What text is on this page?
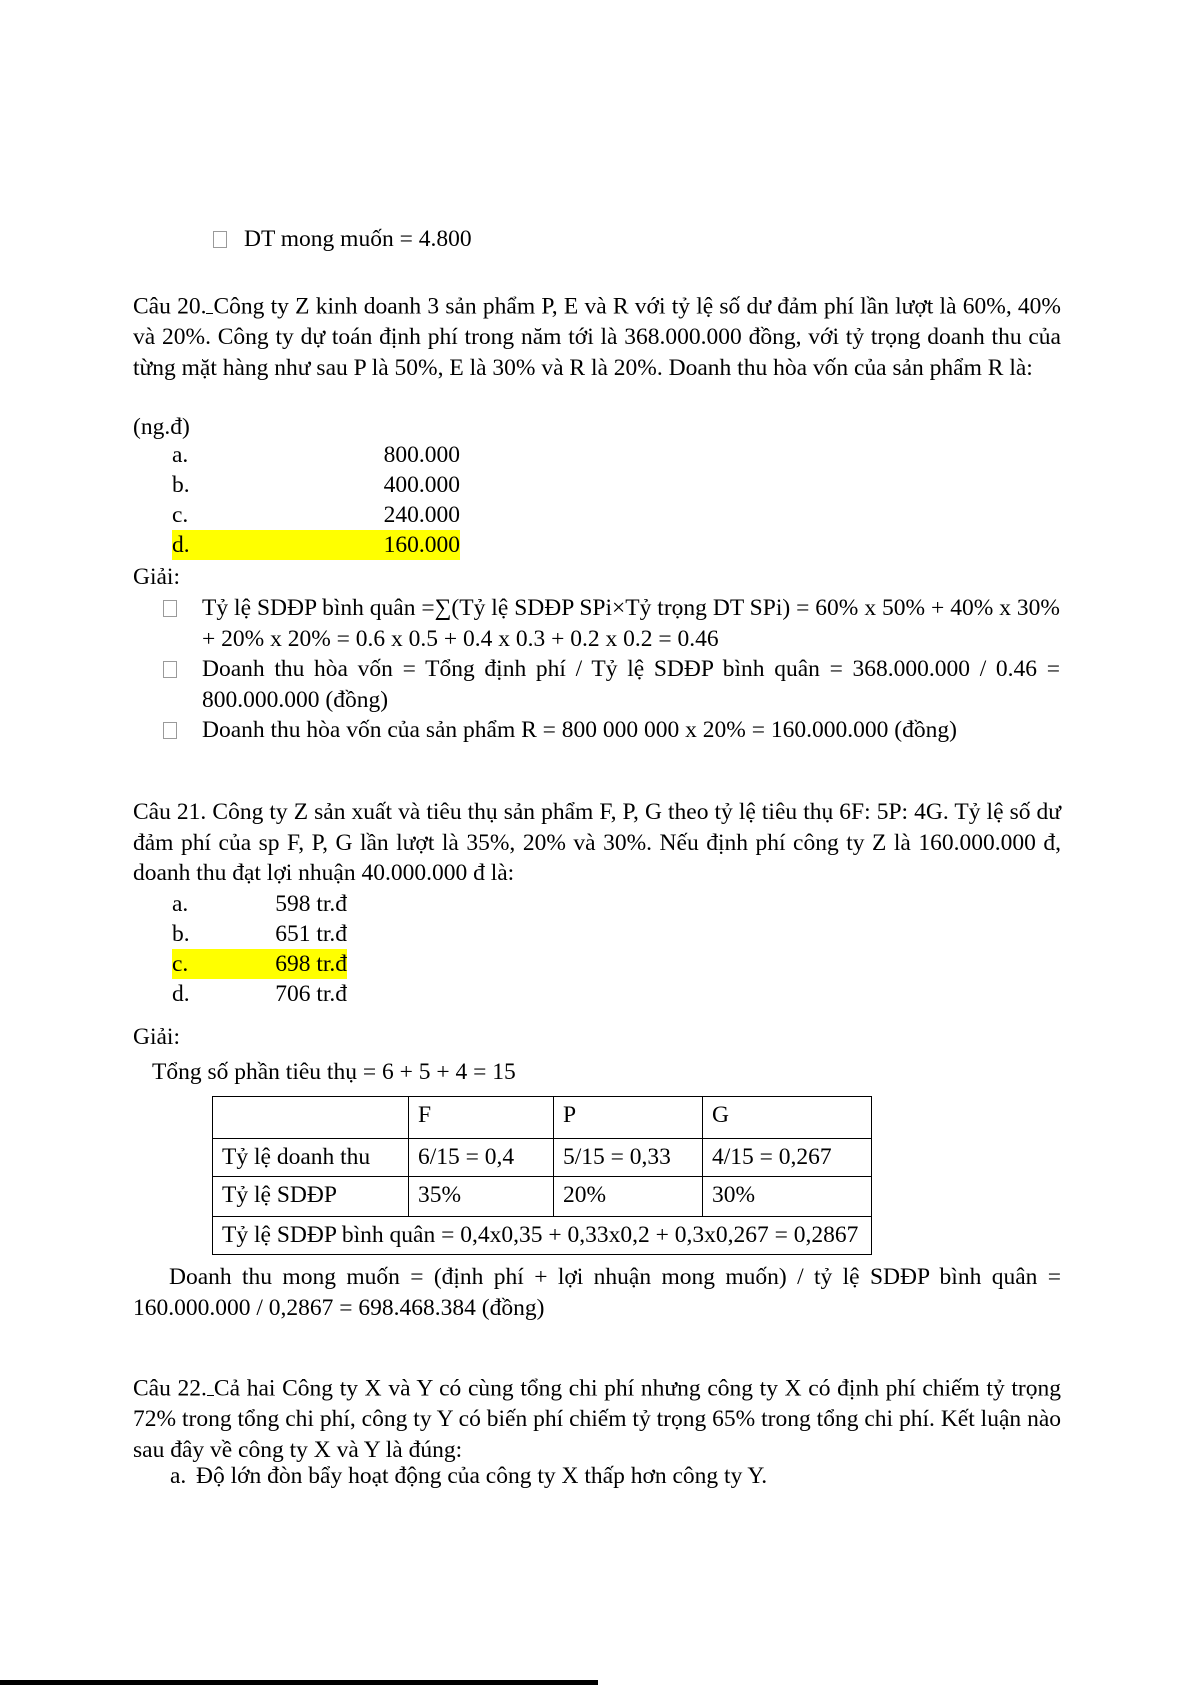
DT mong muốn = 4.800
Câu 20. Công ty Z kinh doanh 3 sản phẩm P, E và R với tỷ lệ số dư đảm phí lần lượt là 60%, 40% và 20%. Công ty dự toán định phí trong năm tới là 368.000.000 đồng, với tỷ trọng doanh thu của từng mặt hàng như sau P là 50%, E là 30% và R là 20%. Doanh thu hòa vốn của sản phẩm R là:
(ng.đ)
a.	800.000
b.	400.000
c.	240.000
d.	160.000
Giải:
Tỷ lệ SDĐP bình quân =∑(Tỷ lệ SDĐP SPi×Tỷ trọng DT SPi) = 60% x 50% + 40% x 30% + 20% x 20% = 0.6 x 0.5 + 0.4 x 0.3 + 0.2 x 0.2 = 0.46
Doanh thu hòa vốn = Tổng định phí / Tỷ lệ SDĐP bình quân = 368.000.000 / 0.46 = 800.000.000 (đồng)
Doanh thu hòa vốn của sản phẩm R = 800 000 000 x 20% = 160.000.000 (đồng)
Câu 21. Công ty Z sản xuất và tiêu thụ sản phẩm F, P, G theo tỷ lệ tiêu thụ 6F: 5P: 4G. Tỷ lệ số dư đảm phí của sp F, P, G lần lượt là 35%, 20% và 30%. Nếu định phí công ty Z là 160.000.000 đ, doanh thu đạt lợi nhuận 40.000.000 đ là:
a.	598 tr.đ
b.	651 tr.đ
c.	698 tr.đ
d.	706 tr.đ
Giải:
Tổng số phần tiêu thụ = 6 + 5 + 4 = 15
	F	P	G
Tỷ lệ doanh thu	6/15 = 0,4	5/15 = 0,33	4/15 = 0,267
Tỷ lệ SDĐP	35%	20%	30%
Tỷ lệ SDĐP bình quân = 0,4x0,35 + 0,33x0,2 + 0,3x0,267 = 0,2867			
Doanh thu mong muốn = (định phí + lợi nhuận mong muốn) / tỷ lệ SDĐP bình quân = 160.000.000 / 0,2867 = 698.468.384 (đồng)
Câu 22. Cả hai Công ty X và Y có cùng tổng chi phí nhưng công ty X có định phí chiếm tỷ trọng 72% trong tổng chi phí, công ty Y có biến phí chiếm tỷ trọng 65% trong tổng chi phí. Kết luận nào sau đây về công ty X và Y là đúng:
a. Độ lớn đòn bẩy hoạt động của công ty X thấp hơn công ty Y.
